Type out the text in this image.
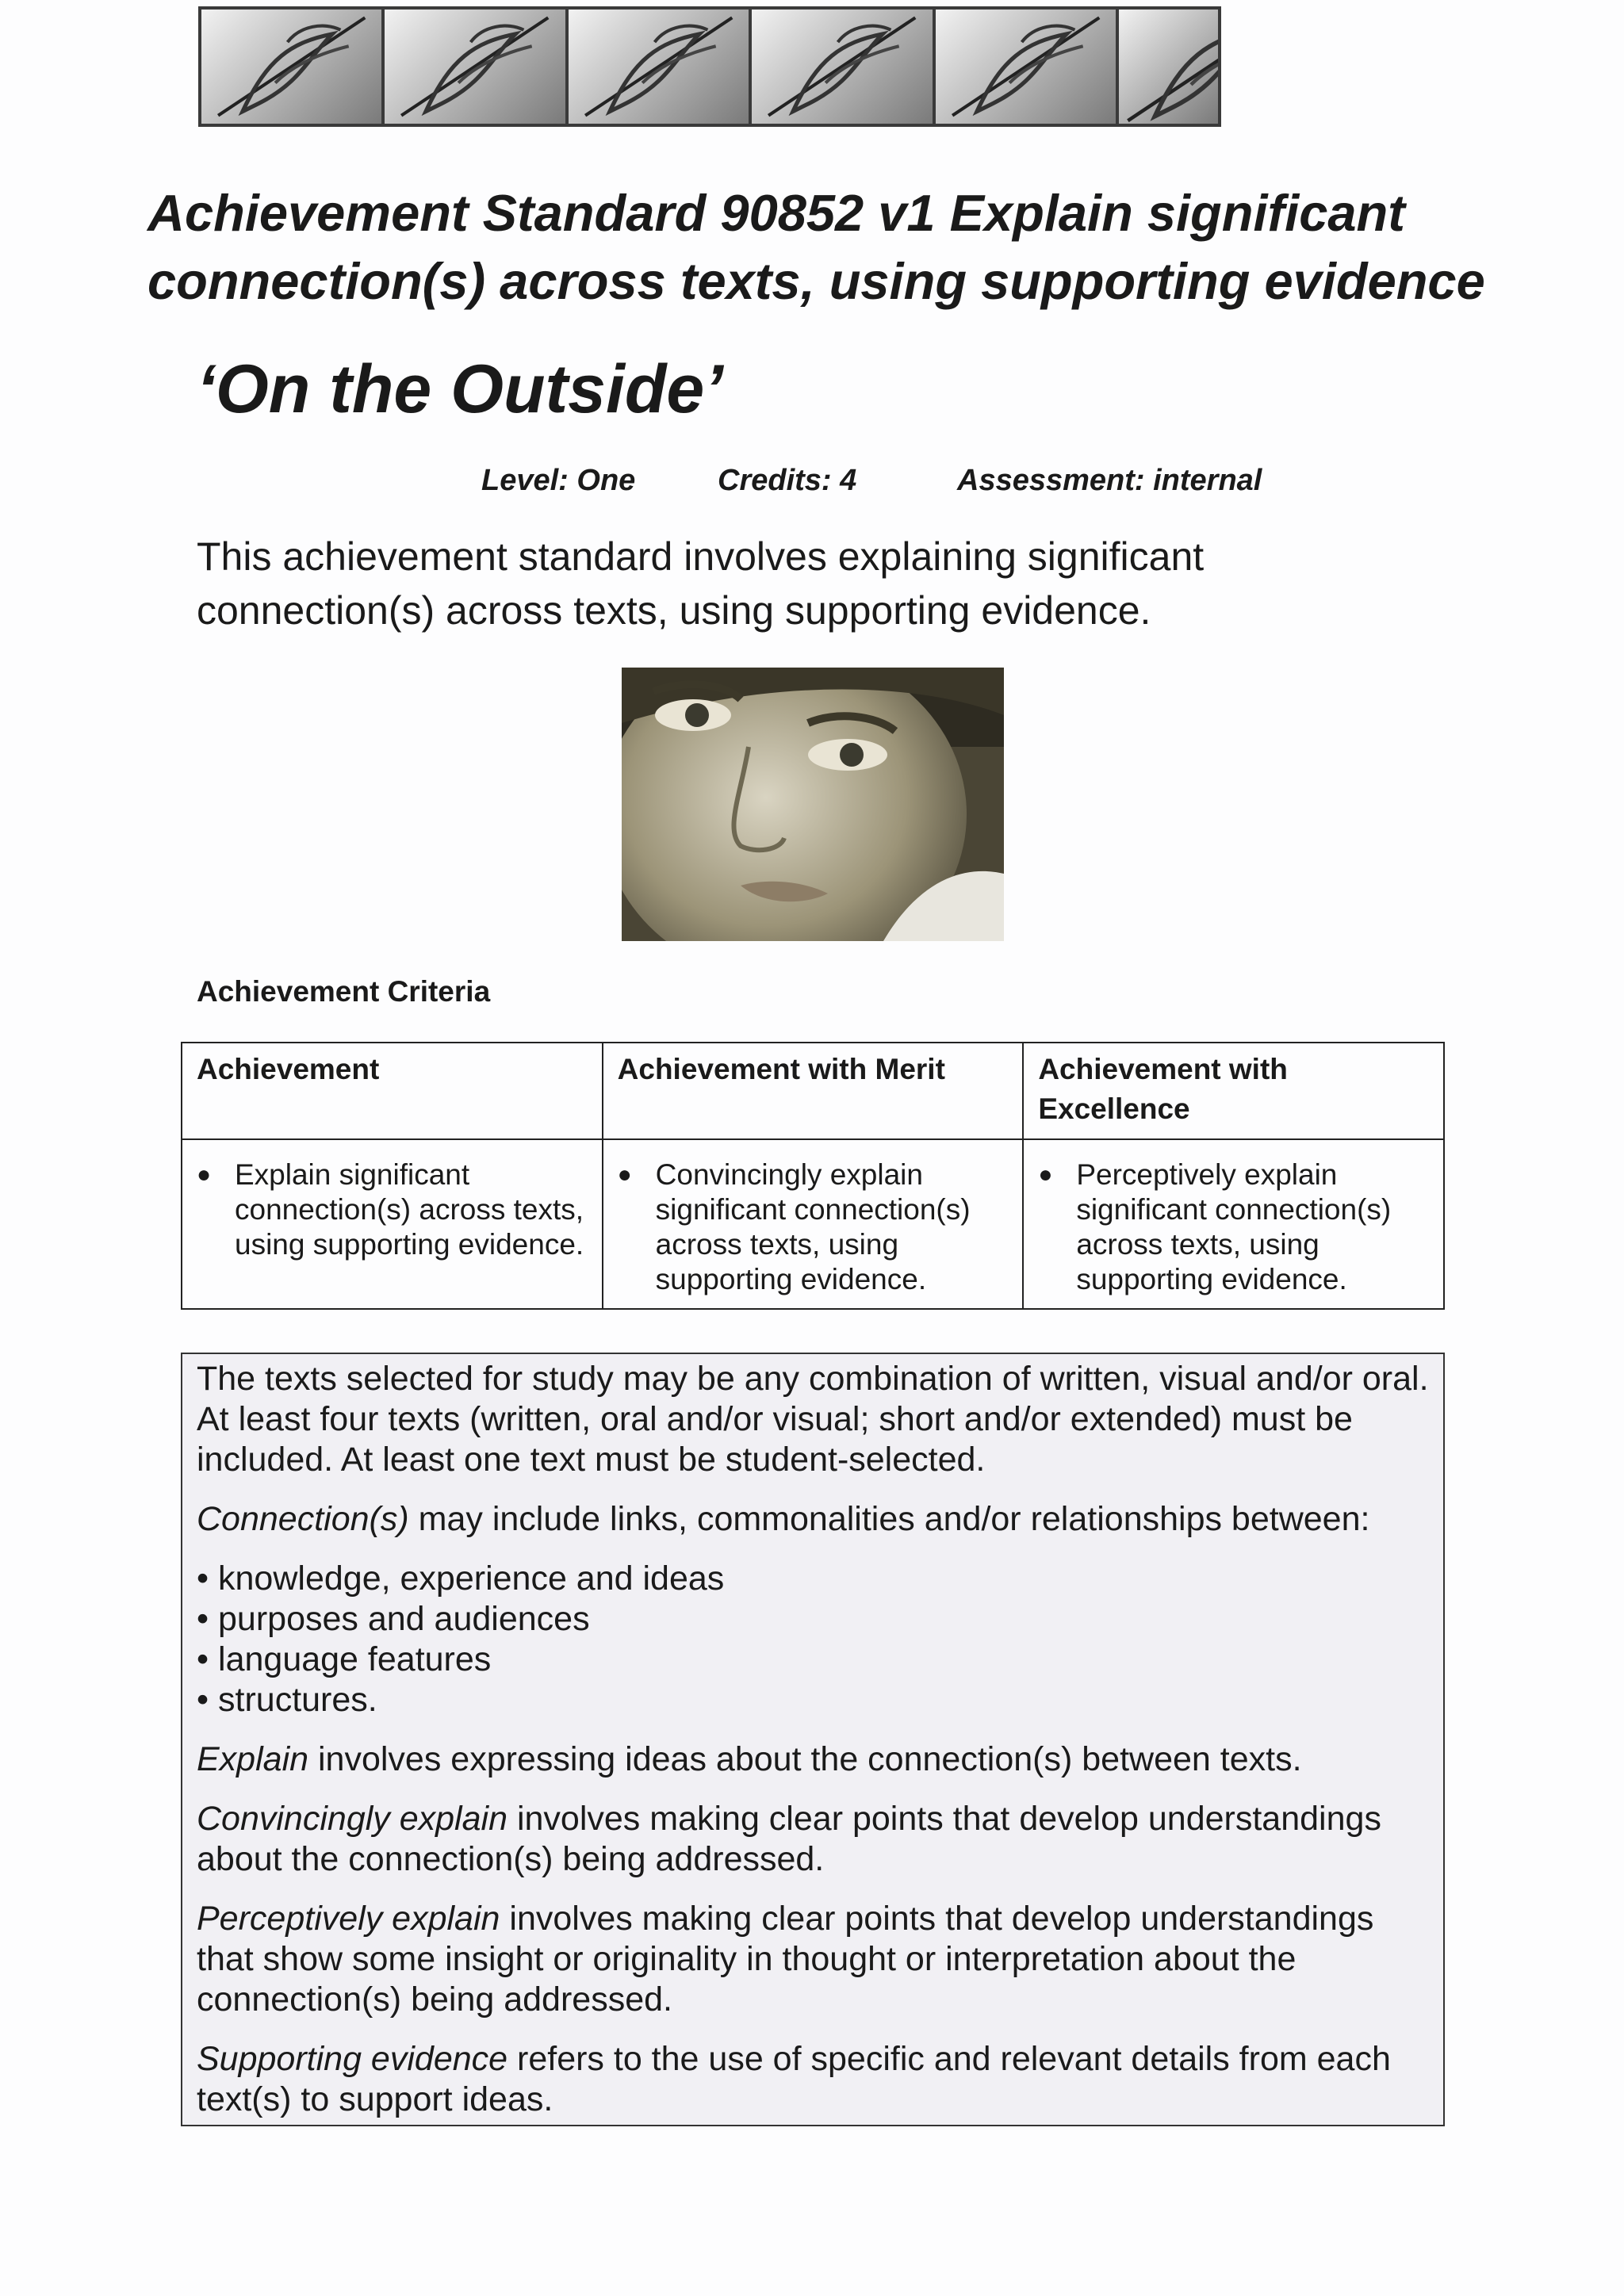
Achievement Standard 90852 v1 Explain significant connection(s) across texts, using supporting evidence
‘On the Outside’
Level: One	Credits: 4	Assessment: internal

This achievement standard involves explaining significant connection(s) across texts, using supporting evidence.

Achievement Criteria
Achievement	Achievement with Merit	Achievement with Excellence

● Explain significant connection(s) across texts, using supporting evidence.	● Convincingly explain significant connection(s) across texts, using supporting evidence.	● Perceptively explain significant connection(s) across texts, using supporting evidence.

The texts selected for study may be any combination of written, visual and/or oral. At least four texts (written, oral and/or visual; short and/or extended) must be included. At least one text must be student-selected.

Connection(s) may include links, commonalities and/or relationships between:

• knowledge, experience and ideas
• purposes and audiences
• language features
• structures.

Explain involves expressing ideas about the connection(s) between texts.

Convincingly explain involves making clear points that develop understandings about the connection(s) being addressed.

Perceptively explain involves making clear points that develop understandings that show some insight or originality in thought or interpretation about the connection(s) being addressed.

Supporting evidence refers to the use of specific and relevant details from each text(s) to support ideas.
